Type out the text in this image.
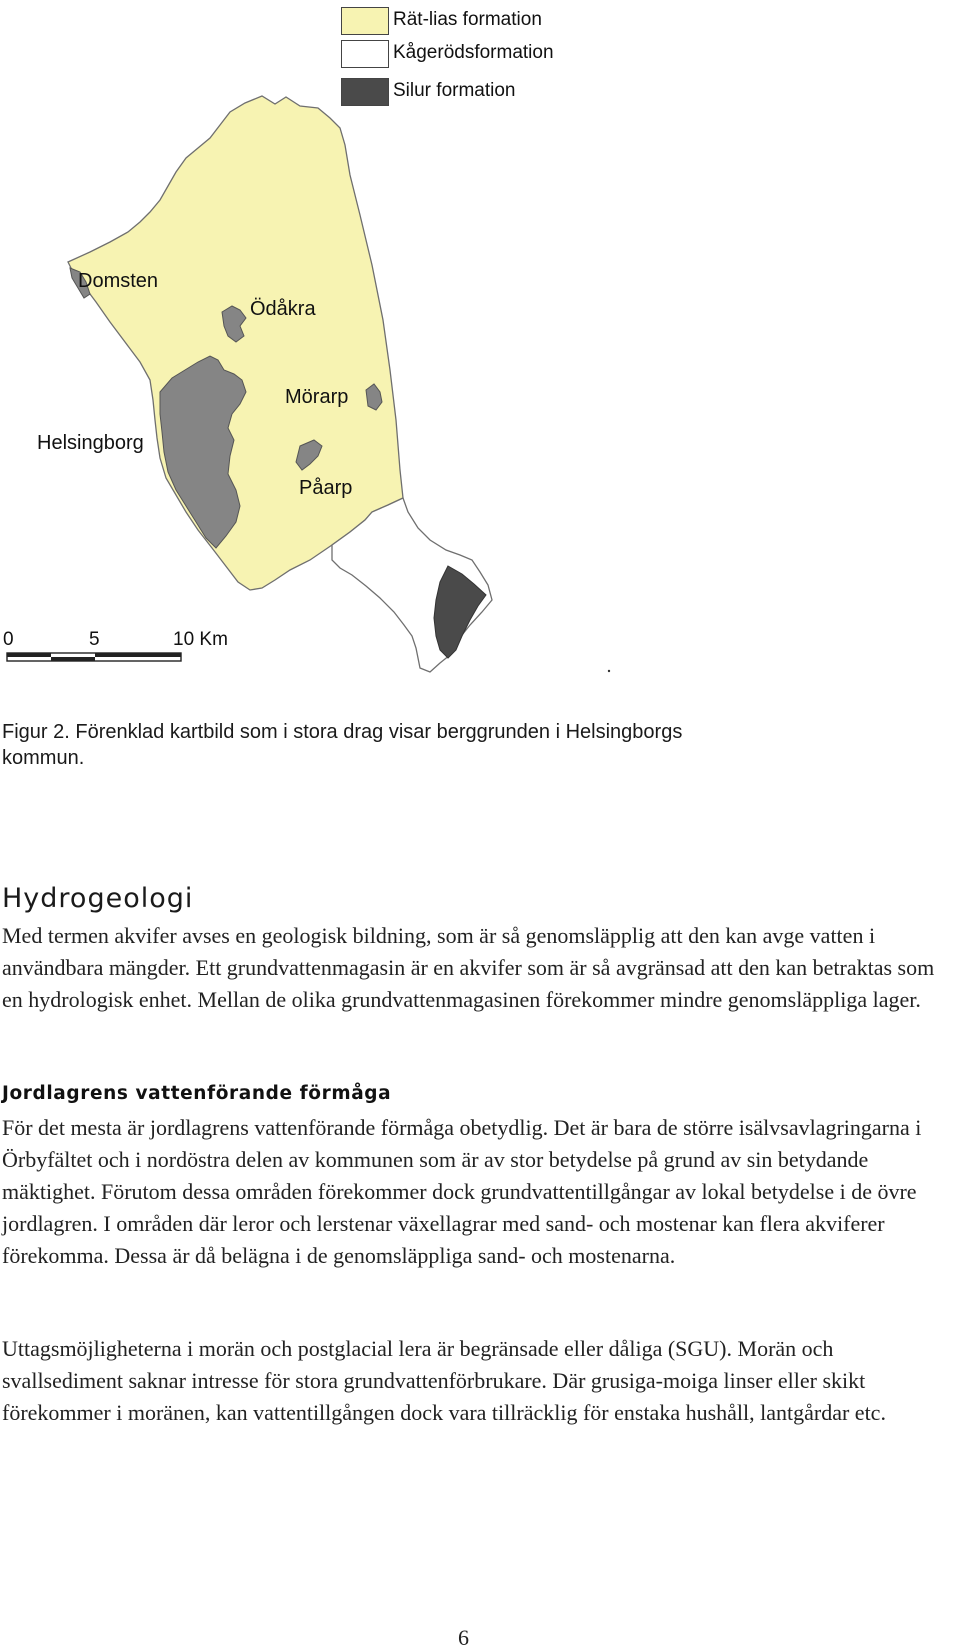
Rät-lias formation
Kågerödsformation
Silur formation
Domsten
Ödåkra
Mörarp
Helsingborg
Påarp
0	5	10 Km
Figur 2. Förenklad kartbild som i stora drag visar berggrunden i Helsingborgs kommun.
Hydrogeologi
Med termen akvifer avses en geologisk bildning, som är så genomsläpplig att den kan avge vatten i användbara mängder. Ett grundvattenmagasin är en akvifer som är så avgränsad att den kan betraktas som en hydrologisk enhet. Mellan de olika grundvattenmagasinen förekommer mindre genomsläppliga lager.
Jordlagrens vattenförande förmåga
För det mesta är jordlagrens vattenförande förmåga obetydlig. Det är bara de större isälvsavlagringarna i Örbyfältet och i nordöstra delen av kommunen som är av stor betydelse på grund av sin betydande mäktighet. Förutom dessa områden förekommer dock grundvattentillgångar av lokal betydelse i de övre jordlagren. I områden där leror och lerstenar växellagrar med sand- och mostenar kan flera akviferer förekomma. Dessa är då belägna i de genomsläppliga sand- och mostenarna.
Uttagsmöjligheterna i morän och postglacial lera är begränsade eller dåliga (SGU). Morän och svallsediment saknar intresse för stora grundvattenförbrukare. Där grusiga-moiga linser eller skikt förekommer i moränen, kan vattentillgången dock vara tillräcklig för enstaka hushåll, lantgårdar etc.
6
